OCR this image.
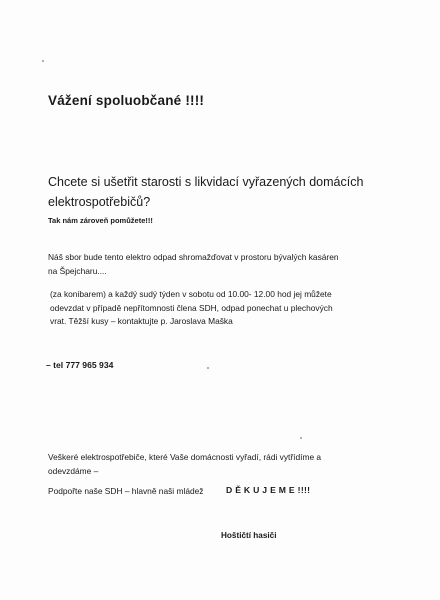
Vážení spoluobčané !!!!

Chcete si ušetřit starosti s likvidací vyřazených domácích elektrospotřebičů?

Tak nám zároveň pomůžete!!!

Náš sbor bude tento elektro odpad shromažďovat v prostoru bývalých kasáren
na Špejcharu....
(za konibarem) a každý sudý týden v sobotu od 10.00- 12.00 hod jej můžete
odevzdat v případě nepřítomnosti člena SDH, odpad ponechat u plechových
vrat. Těžší kusy – kontaktujte p. Jaroslava Maška

– tel 777 965 934

Veškeré elektrospotřebiče, které Vaše domácnosti vyřadí, rádi vytřídíme a
odevzdáme –

Podpořte naše SDH – hlavně naši mládež	D Ě K U J E M E !!!!

Hoštičtí hasiči
